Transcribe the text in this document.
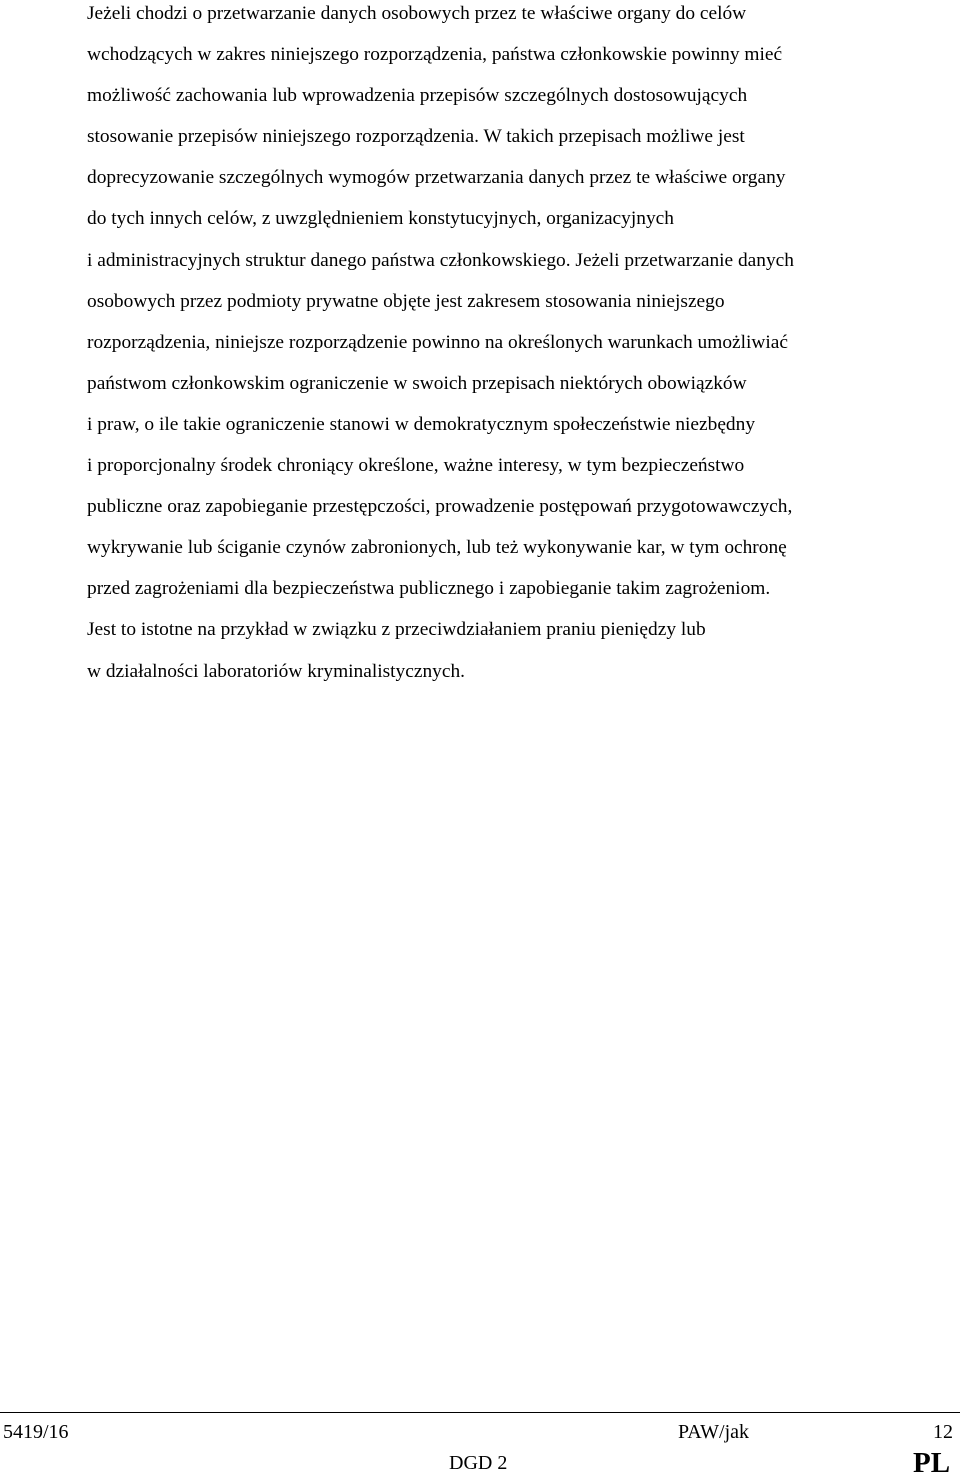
Jeżeli chodzi o przetwarzanie danych osobowych przez te właściwe organy do celów
wchodzących w zakres niniejszego rozporządzenia, państwa członkowskie powinny mieć
możliwość zachowania lub wprowadzenia przepisów szczególnych dostosowujących
stosowanie przepisów niniejszego rozporządzenia. W takich przepisach możliwe jest
doprecyzowanie szczególnych wymogów przetwarzania danych przez te właściwe organy
do tych innych celów, z uwzględnieniem konstytucyjnych, organizacyjnych
i administracyjnych struktur danego państwa członkowskiego. Jeżeli przetwarzanie danych
osobowych przez podmioty prywatne objęte jest zakresem stosowania niniejszego
rozporządzenia, niniejsze rozporządzenie powinno na określonych warunkach umożliwiać
państwom członkowskim ograniczenie w swoich przepisach niektórych obowiązków
i praw, o ile takie ograniczenie stanowi w demokratycznym społeczeństwie niezbędny
i proporcjonalny środek chroniący określone, ważne interesy, w tym bezpieczeństwo
publiczne oraz zapobieganie przestępczości, prowadzenie postępowań przygotowawczych,
wykrywanie lub ściganie czynów zabronionych, lub też wykonywanie kar, w tym ochronę
przed zagrożeniami dla bezpieczeństwa publicznego i zapobieganie takim zagrożeniom.
Jest to istotne na przykład w związku z przeciwdziałaniem praniu pieniędzy lub
w działalności laboratoriów kryminalistycznych.
5419/16	PAW/jak	12
DGD 2	PL
